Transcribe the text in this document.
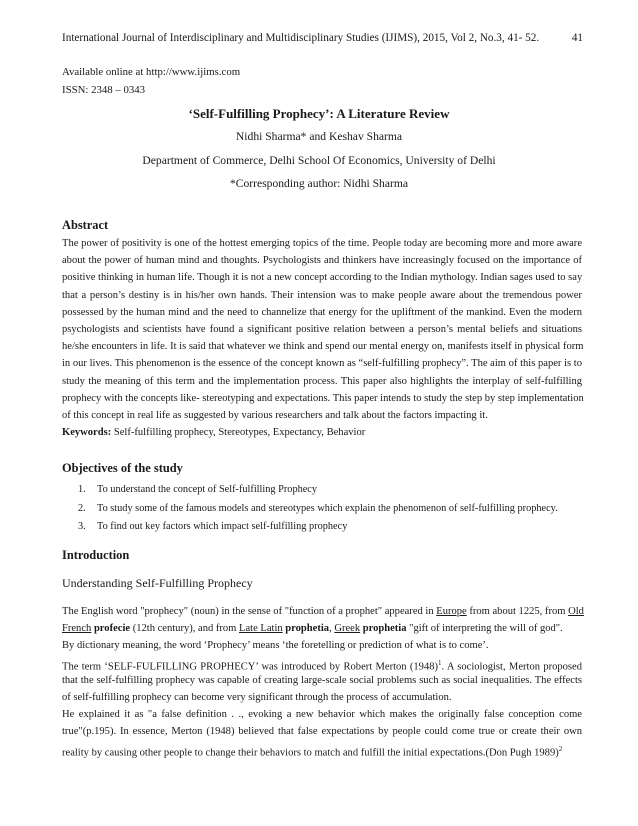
International Journal of Interdisciplinary and Multidisciplinary Studies (IJIMS), 2015, Vol 2, No.3, 41- 52.	41
Available online at http://www.ijims.com
ISSN: 2348 – 0343
‘Self-Fulfilling Prophecy’: A Literature Review
Nidhi Sharma* and Keshav Sharma
Department of Commerce, Delhi School Of Economics, University of Delhi
*Corresponding author: Nidhi Sharma
Abstract
The power of positivity is one of the hottest emerging topics of the time. People today are becoming more and more aware
about the power of human mind and thoughts. Psychologists and thinkers have increasingly focused on the importance of
positive thinking in human life. Though it is not a new concept according to the Indian mythology. Indian sages used to say
that a person’s destiny is in his/her own hands. Their intension was to make people aware about the tremendous power
possessed by the human mind and the need to channelize that energy for the upliftment of the mankind. Even the modern
psychologists and scientists have found a significant positive relation between a person’s mental beliefs and situations
he/she encounters in life. It is said that whatever we think and spend our mental energy on, manifests itself in physical form
in our lives. This phenomenon is the essence of the concept known as “self-fulfilling prophecy”. The aim of this paper is to
study the meaning of this term and the implementation process. This paper also highlights the interplay of self-fulfilling
prophecy with the concepts like- stereotyping and expectations. This paper intends to study the step by step implementation
of this concept in real life as suggested by various researchers and talk about the factors impacting it.
Keywords: Self-fulfilling prophecy, Stereotypes, Expectancy, Behavior
Objectives of the study
1. To understand the concept of Self-fulfilling Prophecy
2. To study some of the famous models and stereotypes which explain the phenomenon of self-fulfilling prophecy.
3. To find out key factors which impact self-fulfilling prophecy
Introduction
Understanding Self-Fulfilling Prophecy
The English word "prophecy" (noun) in the sense of "function of a prophet" appeared in Europe from about 1225, from Old
French profecie (12th century), and from Late Latin prophetia, Greek prophetia "gift of interpreting the will of god".
By dictionary meaning, the word ‘Prophecy’ means ‘the foretelling or prediction of what is to come’.
The term ‘SELF-FULFILLING PROPHECY’ was introduced by Robert Merton $(1948)^1$. A sociologist, Merton proposed
that the self-fulfilling prophecy was capable of creating large-scale social problems such as social inequalities. The effects
of self-fulfilling prophecy can become very significant through the process of accumulation.
He explained it as "a false definition . ., evoking a new behavior which makes the originally false conception come
true"(p.195). In essence, Merton (1948) believed that false expectations by people could come true or create their own
reality by causing other people to change their behaviors to match and fulfill the initial expectations.(Don Pugh 1989)$^2$
